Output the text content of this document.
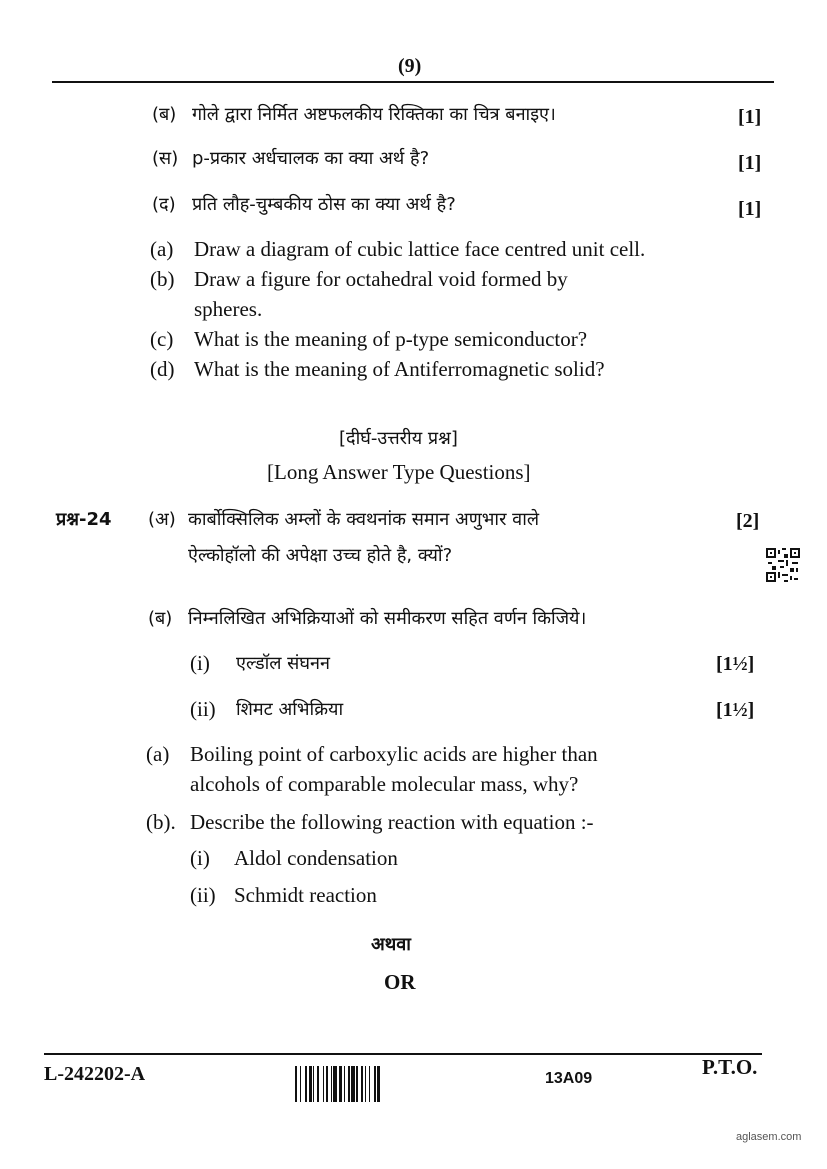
(9)
(ब) गोले द्वारा निर्मित अष्टफलकीय रिक्तिका का चित्र बनाइए।	[1]
(स) p-प्रकार अर्धचालक का क्या अर्थ है?	[1]
(द) प्रति लौह-चुम्बकीय ठोस का क्या अर्थ है?	[1]
(a) Draw a diagram of cubic lattice face centred unit cell.
(b) Draw a figure for octahedral void formed by
spheres.
(c) What is the meaning of p-type semiconductor?
(d) What is the meaning of Antiferromagnetic solid?
[दीर्घ-उत्तरीय प्रश्न]
[Long Answer Type Questions]
प्रश्न-24 (अ) कार्बोक्सिलिक अम्लों के क्वथनांक समान अणुभार वाले	[2]
ऐल्कोहॉलो की अपेक्षा उच्च होते है, क्यों?
(ब) निम्नलिखित अभिक्रियाओं को समीकरण सहित वर्णन किजिये।
(i) एल्डॉल संघनन	[1½]
(ii) शिमट अभिक्रिया	[1½]
(a) Boiling point of carboxylic acids are higher than
alcohols of comparable molecular mass, why?
(b). Describe the following reaction with equation :-
(i) Aldol condensation
(ii) Schmidt reaction
अथवा
OR
L-242202-A	13A09	P.T.O.
aglasem.com
